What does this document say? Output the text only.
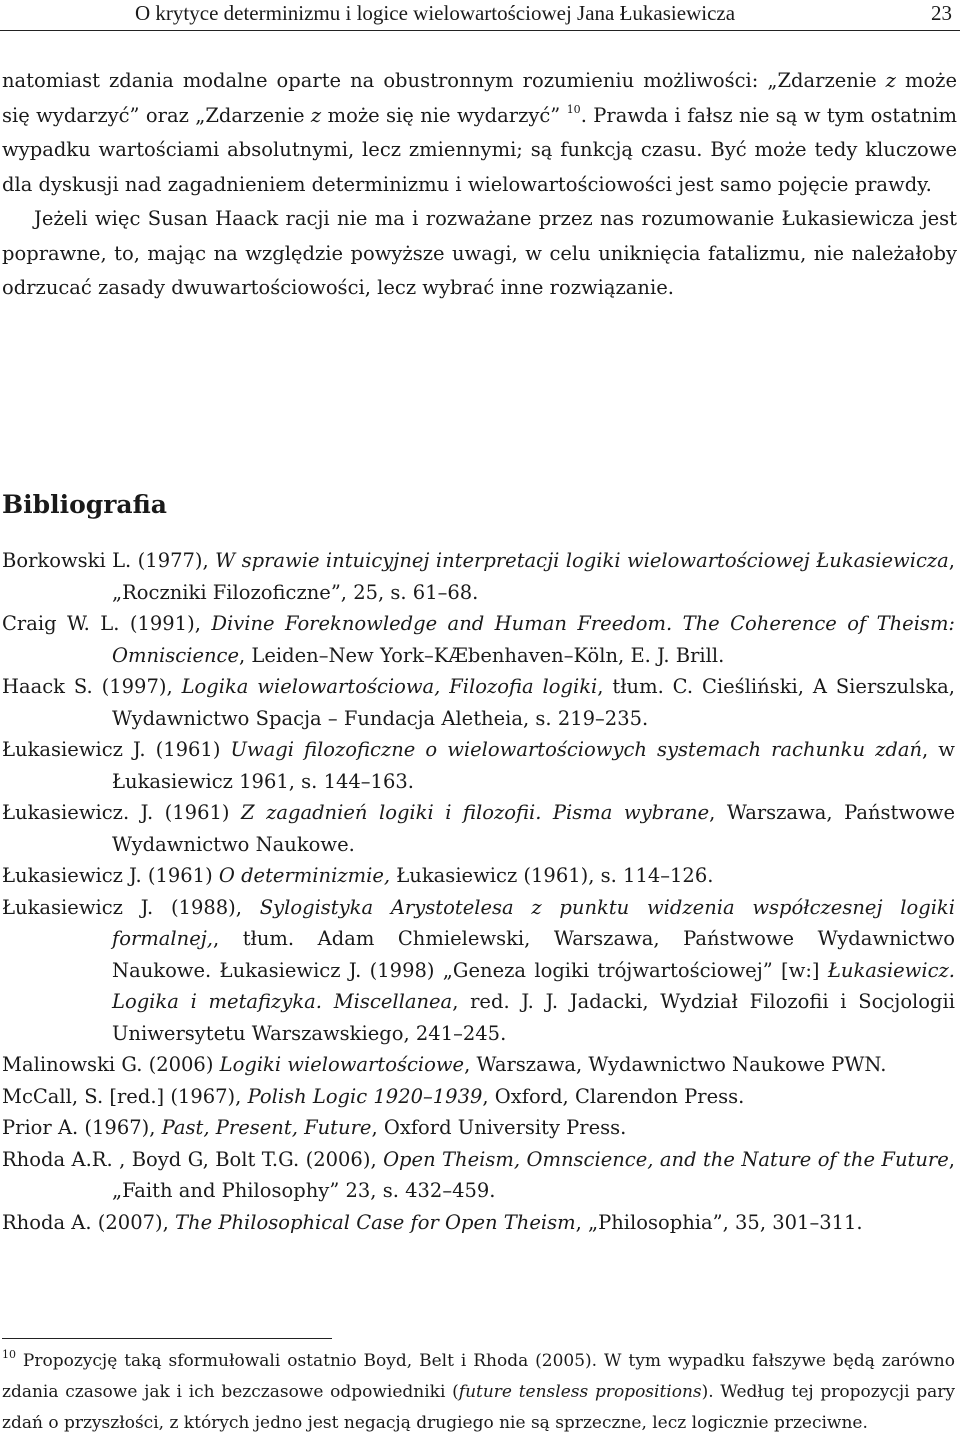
O krytyce determinizmu i logice wielowartościowej Jana Łukasiewicza	23

natomiast zdania modalne oparte na obustronnym rozumieniu możliwości: „Zdarzenie z może się wydarzyć” oraz „Zdarzenie z może się nie wydarzyć” $^{10}$. Prawda i fałsz nie są w tym ostatnim wypadku wartościami absolutnymi, lecz zmiennymi; są funkcją czasu. Być może tedy kluczowe dla dyskusji nad zagadnieniem determinizmu i wielowartościowości jest samo pojęcie prawdy.

Jeżeli więc Susan Haack racji nie ma i rozważane przez nas rozumowanie Łukasiewicza jest poprawne, to, mając na względzie powyższe uwagi, w celu uniknięcia fatalizmu, nie należałoby odrzucać zasady dwuwartościowości, lecz wybrać inne rozwiązanie.

Bibliografia
Borkowski L. (1977), W sprawie intuicyjnej interpretacji logiki wielowartościowej Łukasiewicza, „Roczniki Filozoficzne”, 25, s. 61–68.
Craig W. L. (1991), Divine Foreknowledge and Human Freedom. The Coherence of Theism: Omniscience, Leiden–New York–KÆbenhaven–Köln, E. J. Brill.
Haack S. (1997), Logika wielowartościowa, Filozofia logiki, tłum. C. Cieśliński, A Sierszulska, Wydawnictwo Spacja – Fundacja Aletheia, s. 219–235.
Łukasiewicz J. (1961) Uwagi filozoficzne o wielowartościowych systemach rachunku zdań, w Łukasiewicz 1961, s. 144–163.
Łukasiewicz. J. (1961) Z zagadnień logiki i filozofii. Pisma wybrane, Warszawa, Państwowe Wydawnictwo Naukowe.
Łukasiewicz J. (1961) O determinizmie, Łukasiewicz (1961), s. 114–126.
Łukasiewicz J. (1988), Sylogistyka Arystotelesa z punktu widzenia współczesnej logiki formalnej,, tłum. Adam Chmielewski, Warszawa, Państwowe Wydawnictwo Naukowe. Łukasiewicz J. (1998) „Geneza logiki trójwartościowej” [w:] Łukasiewicz. Logika i metafizyka. Miscellanea, red. J. J. Jadacki, Wydział Filozofii i Socjologii Uniwersytetu Warszawskiego, 241–245.
Malinowski G. (2006) Logiki wielowartościowe, Warszawa, Wydawnictwo Naukowe PWN.
McCall, S. [red.] (1967), Polish Logic 1920–1939, Oxford, Clarendon Press.
Prior A. (1967), Past, Present, Future, Oxford University Press.
Rhoda A.R. , Boyd G, Bolt T.G. (2006), Open Theism, Omnscience, and the Nature of the Future, „Faith and Philosophy” 23, s. 432–459.
Rhoda A. (2007), The Philosophical Case for Open Theism, „Philosophia”, 35, 301–311.
$^{10}$ Propozycję taką sformułowali ostatnio Boyd, Belt i Rhoda (2005). W tym wypadku fałszywe będą zarówno zdania czasowe jak i ich bezczasowe odpowiedniki (future tensless propositions). Według tej propozycji pary zdań o przyszłości, z których jedno jest negacją drugiego nie są sprzeczne, lecz logicznie przeciwne.
